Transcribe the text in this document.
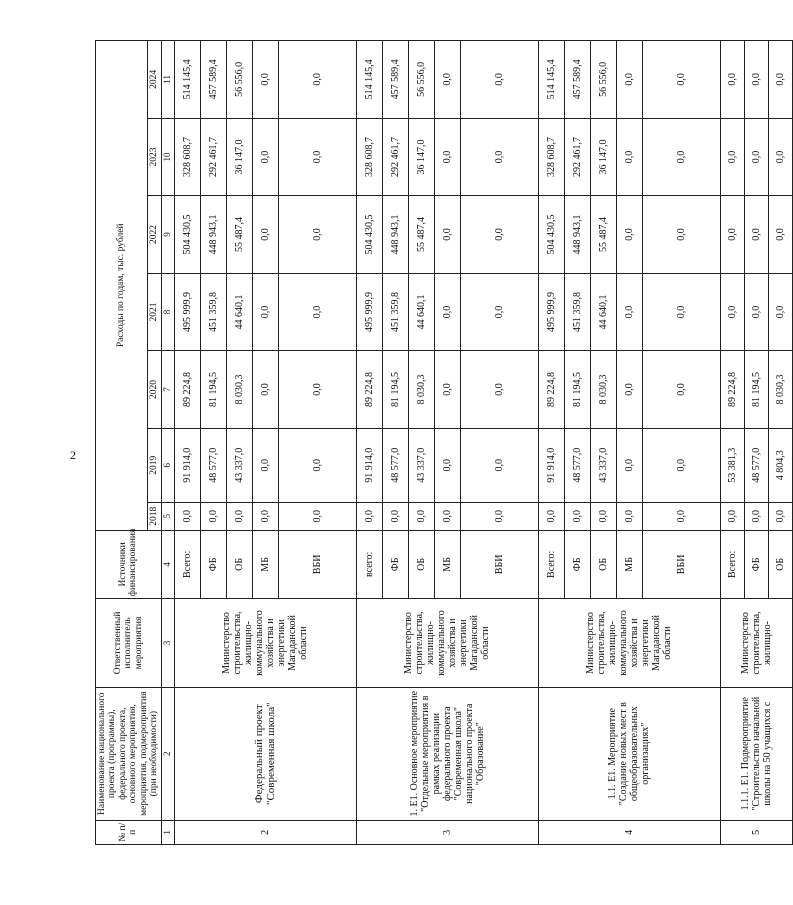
2
№ п/п	Наименование национального проекта (программы), федерального проекта, основного мероприятия, мероприятия, подмероприятия (при необходимости)	Ответственный исполнитель мероприятия	Источники финансирования	Расходы по годам, тыс. рублей						
				2018	2019	2020	2021	2022	2023	2024
1	2	3	4	5	6	7	8	9	10	11
2	Федеральный проект "Современная школа"	Министерство строительства, жилищно-коммунального хозяйства и энергетики Магаданской области	Всего:	0,0	91 914,0	89 224,8	495 999,9	504 430,5	328 608,7	514 145,4
			ФБ	0,0	48 577,0	81 194,5	451 359,8	448 943,1	292 461,7	457 589,4
			ОБ	0,0	43 337,0	8 030,3	44 640,1	55 487,4	36 147,0	56 556,0
			МБ	0,0	0,0	0,0	0,0	0,0	0,0	0,0
			ВБИ	0,0	0,0	0,0	0,0	0,0	0,0	0,0
3	1. Е1. Основное мероприятие "Отдельные мероприятия в рамках реализации федерального проекта "Современная школа" национального проекта "Образование"	Министерство строительства, жилищно-коммунального хозяйства и энергетики Магаданской области	всего:	0,0	91 914,0	89 224,8	495 999,9	504 430,5	328 608,7	514 145,4
			ФБ	0,0	48 577,0	81 194,5	451 359,8	448 943,1	292 461,7	457 589,4
			ОБ	0,0	43 337,0	8 030,3	44 640,1	55 487,4	36 147,0	56 556,0
			МБ	0,0	0,0	0,0	0,0	0,0	0,0	0,0
			ВБИ	0,0	0,0	0,0	0,0	0,0	0,0	0,0
4	1.1. Е1. Мероприятие "Создание новых мест в общеобразовательных организациях"	Министерство строительства, жилищно-коммунального хозяйства и энергетики Магаданской области	Всего:	0,0	91 914,0	89 224,8	495 999,9	504 430,5	328 608,7	514 145,4
			ФБ	0,0	48 577,0	81 194,5	451 359,8	448 943,1	292 461,7	457 589,4
			ОБ	0,0	43 337,0	8 030,3	44 640,1	55 487,4	36 147,0	56 556,0
			МБ	0,0	0,0	0,0	0,0	0,0	0,0	0,0
			ВБИ	0,0	0,0	0,0	0,0	0,0	0,0	0,0
5	1.1.1. Е1. Подмероприятие "Строительство начальной школы на 50 учащихся с	Министерство строительства, жилищно-	Всего:	0,0	53 381,3	89 224,8	0,0	0,0	0,0	0,0
			ФБ	0,0	48 577,0	81 194,5	0,0	0,0	0,0	0,0
			ОБ	0,0	4 804,3	8 030,3	0,0	0,0	0,0	0,0
